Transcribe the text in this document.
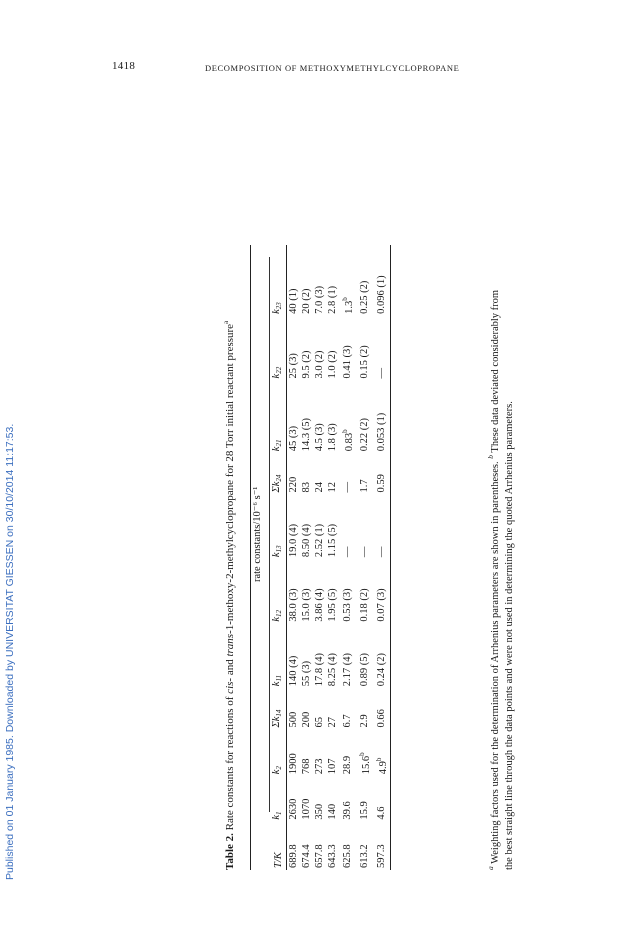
1418	DECOMPOSITION OF METHOXYMETHYLCYCLOPROPANE
Published on 01 January 1985. Downloaded by UNIVERSITAT GIESSEN on 30/10/2014 11:17:53.	Table 2. Rate constants for reactions of cis- and trans-1-methoxy-2-methylcyclopropane for 28 Torr initial reactant pressure$^a$
	rate constants/10⁻⁶ s⁻¹									

T/K	$k_1$	$k_2$	$\Sigma k_{14}$	$k_{11}$	$k_{12}$	$k_{13}$	$\Sigma k_{24}$	$k_{21}$	$k_{22}$	$k_{23}$
689.8	2630	1900	500	140 (4)	38.0 (3)	19.0 (4)	220	45 (3)	25 (3)	40 (1)
674.4	1070	768	200	55 (3)	15.0 (3)	8.50 (4)	83	14.3 (5)	9.5 (2)	20 (2)
657.8	350	273	65	17.8 (4)	3.86 (4)	2.52 (1)	24	4.5 (3)	3.0 (2)	7.0 (3)
643.3	140	107	27	8.25 (4)	1.95 (5)	1.15 (5)	12	1.8 (3)	1.0 (2)	2.8 (1)
625.8	39.6	28.9	6.7	2.17 (4)	0.53 (3)	—	—	0.83$^b$	0.41 (3)	1.3$^b$
613.2	15.9	15.6$^b$	2.9	0.89 (5)	0.18 (2)	—	1.7	0.22 (2)	0.15 (2)	0.25 (2)
597.3	4.6	4.9$^b$	0.66	0.24 (2)	0.07 (3)	—	0.59	0.053 (1)	—	0.096 (1)

$^a$ Weighting factors used for the determination of Arrhenius parameters are shown in parentheses. $^b$ These data deviated considerably from

the best straight line through the data points and were not used in determining the quoted Arrhenius parameters.
